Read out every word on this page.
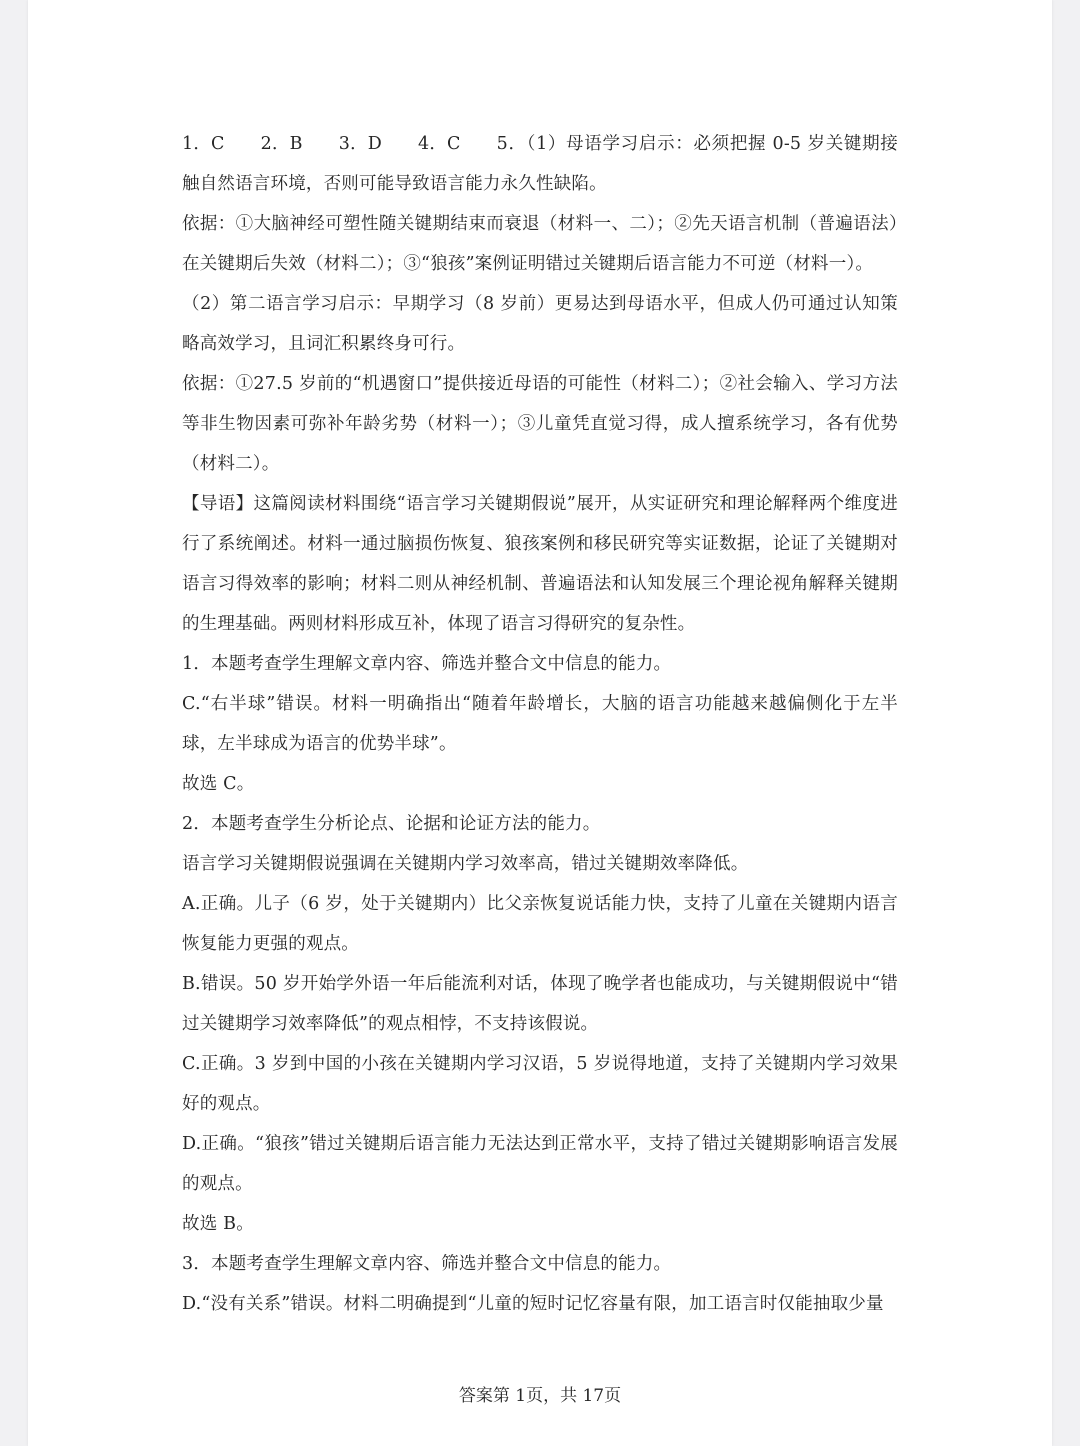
1．C 2．B 3．D 4．C 5．（1）母语学习启示：必须把握 0-5 岁关键期接触自然语言环境，否则可能导致语言能力永久性缺陷。

依据：①大脑神经可塑性随关键期结束而衰退（材料一、二）；②先天语言机制（普遍语法）在关键期后失效（材料二）；③“狼孩”案例证明错过关键期后语言能力不可逆（材料一）。

（2）第二语言学习启示：早期学习（8 岁前）更易达到母语水平，但成人仍可通过认知策略高效学习，且词汇积累终身可行。

依据：①27.5 岁前的“机遇窗口”提供接近母语的可能性（材料二）；②社会输入、学习方法等非生物因素可弥补年龄劣势（材料一）；③儿童凭直觉习得，成人擅系统学习，各有优势（材料二）。

【导语】这篇阅读材料围绕“语言学习关键期假说”展开，从实证研究和理论解释两个维度进行了系统阐述。材料一通过脑损伤恢复、狼孩案例和移民研究等实证数据，论证了关键期对语言习得效率的影响；材料二则从神经机制、普遍语法和认知发展三个理论视角解释关键期的生理基础。两则材料形成互补，体现了语言习得研究的复杂性。

1．本题考查学生理解文章内容、筛选并整合文中信息的能力。

C.“右半球”错误。材料一明确指出“随着年龄增长，大脑的语言功能越来越偏侧化于左半球，左半球成为语言的优势半球”。

故选 C。

2．本题考查学生分析论点、论据和论证方法的能力。

语言学习关键期假说强调在关键期内学习效率高，错过关键期效率降低。

A.正确。儿子（6 岁，处于关键期内）比父亲恢复说话能力快，支持了儿童在关键期内语言恢复能力更强的观点。

B.错误。50 岁开始学外语一年后能流利对话，体现了晚学者也能成功，与关键期假说中“错过关键期学习效率降低”的观点相悖，不支持该假说。

C.正确。3 岁到中国的小孩在关键期内学习汉语，5 岁说得地道，支持了关键期内学习效果好的观点。

D.正确。“狼孩”错过关键期后语言能力无法达到正常水平，支持了错过关键期影响语言发展的观点。

故选 B。

3．本题考查学生理解文章内容、筛选并整合文中信息的能力。

D.“没有关系”错误。材料二明确提到“儿童的短时记忆容量有限，加工语言时仅能抽取少量

答案第 1页，共 17页
